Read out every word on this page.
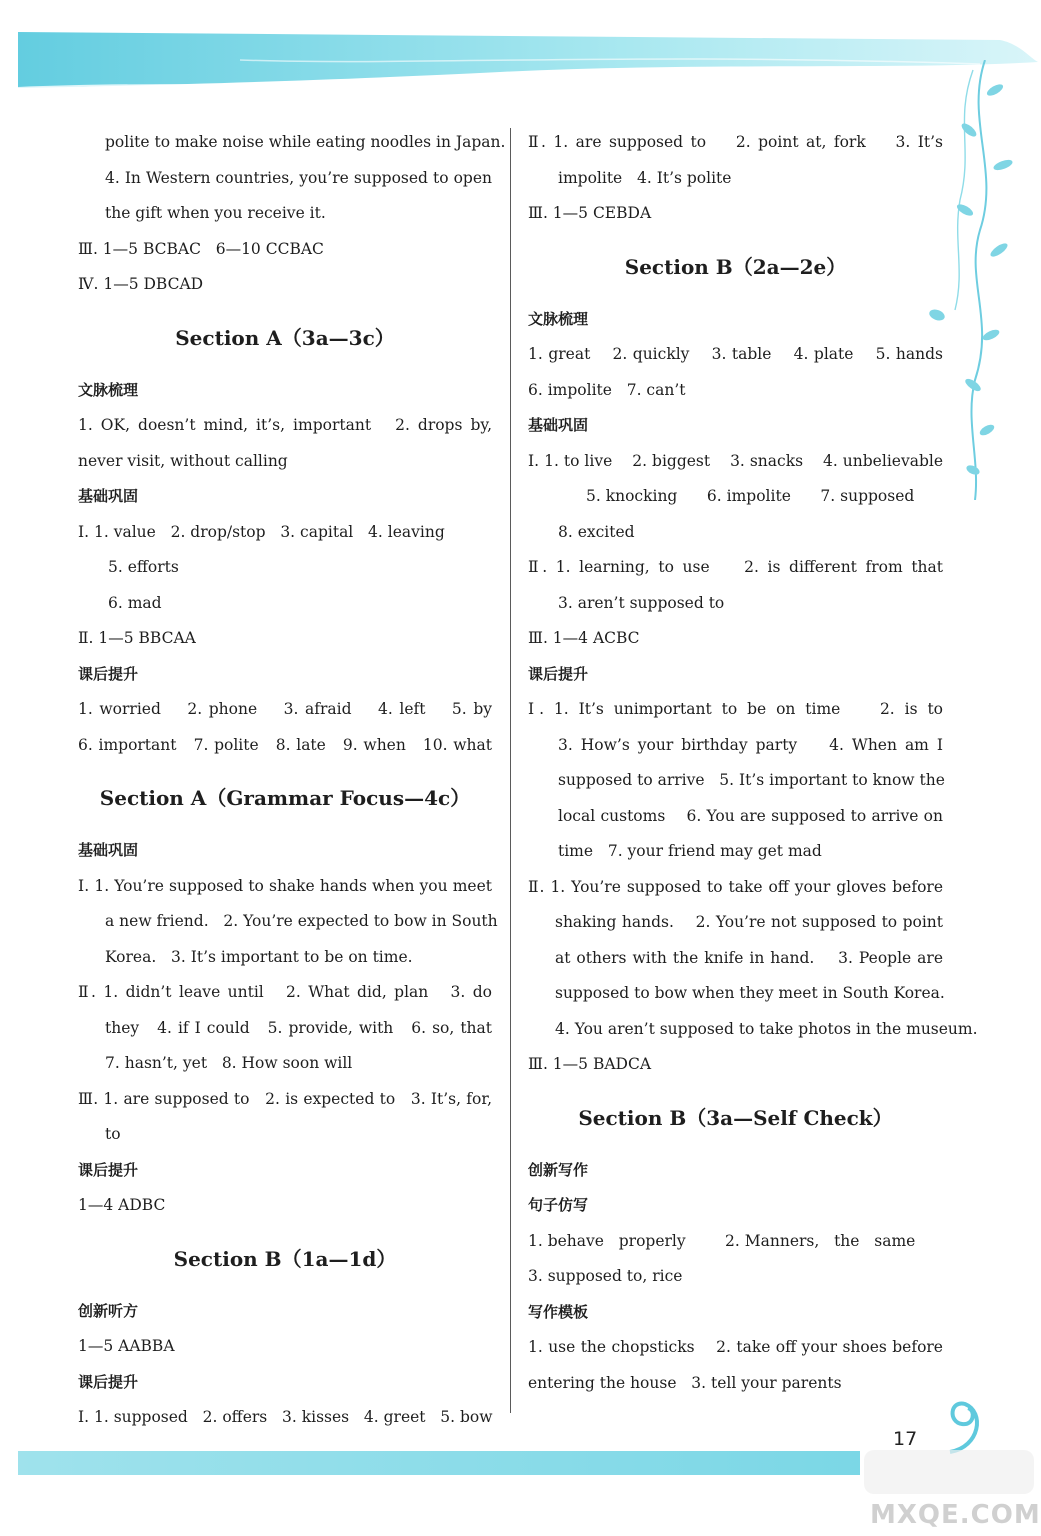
polite to make noise while eating noodles in Japan.
4. In Western countries, you’re supposed to open
the gift when you receive it.
Ⅲ. 1—5 BCBAC   6—10 CCBAC
Ⅳ. 1—5 DBCAD
Section A（3a—3c）
文脉梳理
1. OK, doesn’t mind, it’s, important   2. drops by,
never visit, without calling
基础巩固
Ⅰ. 1. value   2. drop/stop   3. capital   4. leaving
5. efforts
6. mad
Ⅱ. 1—5 BBCAA
课后提升
1. worried    2. phone    3. afraid    4. left    5. by
6. important   7. polite   8. late   9. when   10. what
Section A（Grammar Focus—4c）
基础巩固
Ⅰ. 1. You’re supposed to shake hands when you meet
a new friend.   2. You’re expected to bow in South
Korea.   3. It’s important to be on time.
Ⅱ. 1. didn’t leave until   2. What did, plan   3. do
they   4. if I could   5. provide, with   6. so, that
7. hasn’t, yet   8. How soon will
Ⅲ. 1. are supposed to   2. is expected to   3. It’s, for,
to
课后提升
1—4 ADBC
Section B（1a—1d）
创新听方
1—5 AABBA
课后提升
Ⅰ. 1. supposed   2. offers   3. kisses   4. greet   5. bow
Ⅱ. 1. are supposed to    2. point at, fork    3. It’s
impolite   4. It’s polite
Ⅲ. 1—5 CEBDA
Section B（2a—2e）
文脉梳理
1. great    2. quickly    3. table    4. plate    5. hands
6. impolite   7. can’t
基础巩固
Ⅰ. 1. to live    2. biggest    3. snacks    4. unbelievable
5. knocking      6. impolite      7. supposed
8. excited
Ⅱ. 1. learning, to use    2. is different from that
3. aren’t supposed to
Ⅲ. 1—4 ACBC
课后提升
Ⅰ. 1. It’s unimportant to be on time    2. is to
3. How’s your birthday party    4. When am I
supposed to arrive   5. It’s important to know the
local customs    6. You are supposed to arrive on
time   7. your friend may get mad
Ⅱ. 1. You’re supposed to take off your gloves before
shaking hands.    2. You’re not supposed to point
at others with the knife in hand.    3. People are
supposed to bow when they meet in South Korea.
4. You aren’t supposed to take photos in the museum.
Ⅲ. 1—5 BADCA
Section B（3a—Self Check）
创新写作
句子仿写
1. behave   properly        2. Manners,   the   same
3. supposed to, rice
写作模板
1. use the chopsticks    2. take off your shoes before
entering the house   3. tell your parents
17
MXQE.COM
